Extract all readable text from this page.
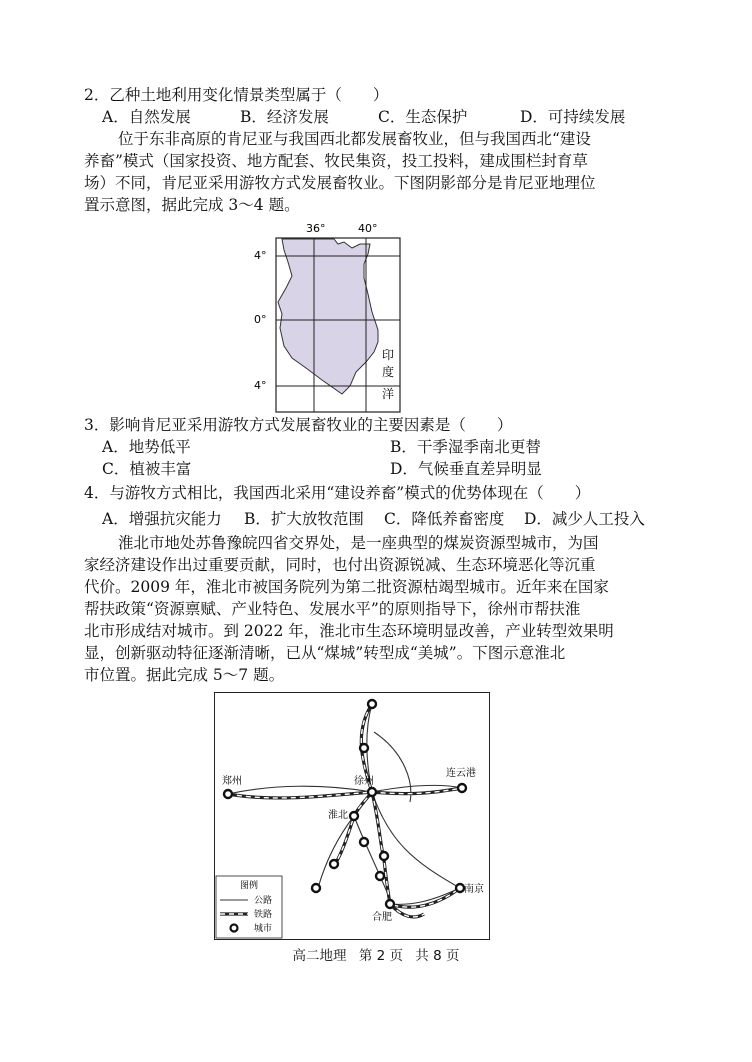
2．乙种土地利用变化情景类型属于（　　）
A．自然发展	B．经济发展	C．生态保护	D．可持续发展
位于东非高原的肯尼亚与我国西北都发展畜牧业，但与我国西北“建设
养畜”模式（国家投资、地方配套、牧民集资，投工投料，建成围栏封育草
场）不同，肯尼亚采用游牧方式发展畜牧业。下图阴影部分是肯尼亚地理位
置示意图，据此完成 3～4 题。
36°	40°
4°
0°
4°
印
度
洋
3．影响肯尼亚采用游牧方式发展畜牧业的主要因素是（　　）
A．地势低平	B．干季湿季南北更替
C．植被丰富	D．气候垂直差异明显
4．与游牧方式相比，我国西北采用“建设养畜”模式的优势体现在（　　）
A．增强抗灾能力 B．扩大放牧范围 C．降低养畜密度 D．减少人工投入
淮北市地处苏鲁豫皖四省交界处，是一座典型的煤炭资源型城市，为国
家经济建设作出过重要贡献，同时，也付出资源锐减、生态环境恶化等沉重
代价。2009 年，淮北市被国务院列为第二批资源枯竭型城市。近年来在国家
帮扶政策“资源禀赋、产业特色、发展水平”的原则指导下，徐州市帮扶淮
北市形成结对城市。到 2022 年，淮北市生态环境明显改善，产业转型效果明
显，创新驱动特征逐渐清晰，已从“煤城”转型成“美城”。下图示意淮北
市位置。据此完成 5～7 题。
郑州	徐州
连云港
淮北
南京
合肥
图例
公路
铁路
城市
高二地理 第 2 页 共 8 页
